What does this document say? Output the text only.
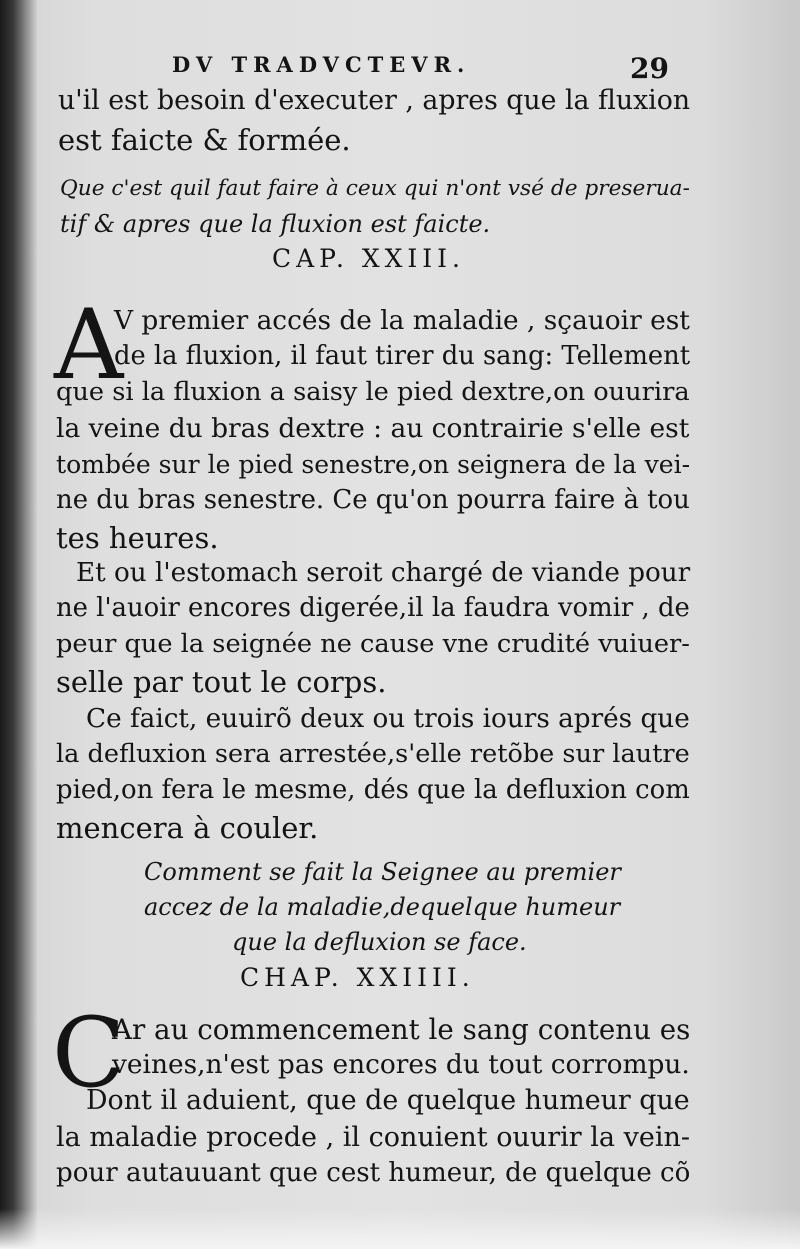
DV TRADVCTEVR.	29
u'il est besoin d'executer , apres que la fluxion
est faicte & formée.
Que c'est quil faut faire à ceux qui n'ont vsé de preserua-
tif & apres que la fluxion est faicte.
CAP. XXIII.
A
V premier accés de la maladie , sçauoir est
de la fluxion, il faut tirer du sang: Tellement
que si la fluxion a saisy le pied dextre,on ouurira
la veine du bras dextre : au contrairie s'elle est
tombée sur le pied senestre,on seignera de la vei-
ne du bras senestre. Ce qu'on pourra faire à tou
tes heures.
Et ou l'estomach seroit chargé de viande pour
ne l'auoir encores digerée,il la faudra vomir , de
peur que la seignée ne cause vne crudité vuiuer-
selle par tout le corps.
Ce faict, euuirõ deux ou trois iours aprés que
la defluxion sera arrestée,s'elle retõbe sur lautre
pied,on fera le mesme, dés que la defluxion com
mencera à couler.
Comment se fait la Seignee au premier
accez de la maladie,dequelque humeur
que la defluxion se face.
CHAP. XXIIII.
C
Ar au commencement le sang contenu es
veines,n'est pas encores du tout corrompu.
Dont il aduient, que de quelque humeur que
la maladie procede , il conuient ouurir la vein-
pour autauuant que cest humeur, de quelque cõ
